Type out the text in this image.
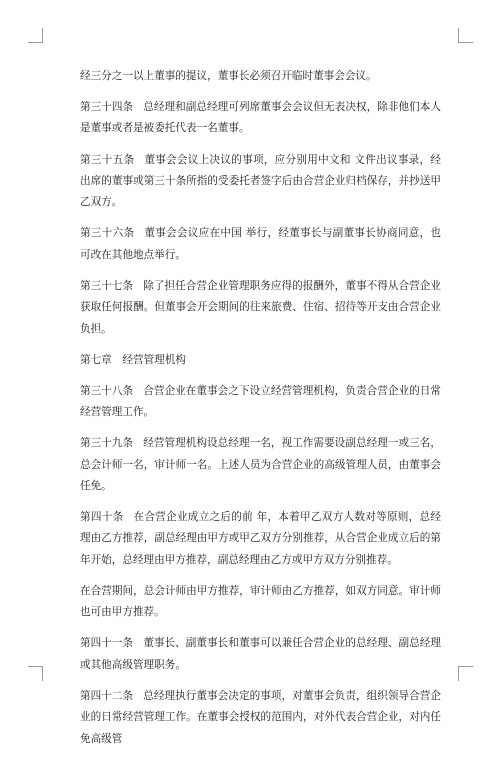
经三分之一以上董事的提议，董事长必须召开临时董事会会议。

第三十四条 总经理和副总经理可列席董事会会议但无表决权，除非他们本人是董事或者是被委托代表一名董事。

第三十五条 董事会会议上决议的事项，应分别用中文和 文件出议事录，经出席的董事或第三十条所指的受委托者签字后由合营企业归档保存，并抄送甲乙双方。

第三十六条 董事会会议应在中国 举行，经董事长与副董事长协商同意，也可改在其他地点举行。

第三十七条 除了担任合营企业管理职务应得的报酬外，董事不得从合营企业获取任何报酬。但董事会开会期间的往来旅费、住宿、招待等开支由合营企业负担。

第七章　经营管理机构

第三十八条 合营企业在董事会之下设立经营管理机构，负责合营企业的日常经营管理工作。

第三十九条 经营管理机构设总经理一名，视工作需要设副总经理一或三名，总会计师一名，审计师一名。上述人员为合营企业的高级管理人员，由董事会任免。

第四十条 在合营企业成立之后的前 年，本着甲乙双方人数对等原则，总经理由乙方推荐，副总经理由甲方或甲乙双方分别推荐，从合营企业成立后的第 年开始，总经理由甲方推荐，副总经理由乙方或甲方双方分别推荐。

在合营期间，总会计师由甲方推荐，审计师由乙方推荐，如双方同意。审计师也可由甲方推荐。

第四十一条 董事长、副董事长和董事可以兼任合营企业的总经理、副总经理或其他高级管理职务。

第四十二条 总经理执行董事会决定的事项，对董事会负责，组织领导合营企业的日常经营管理工作。在董事会授权的范围内，对外代表合营企业，对内任免高级管
